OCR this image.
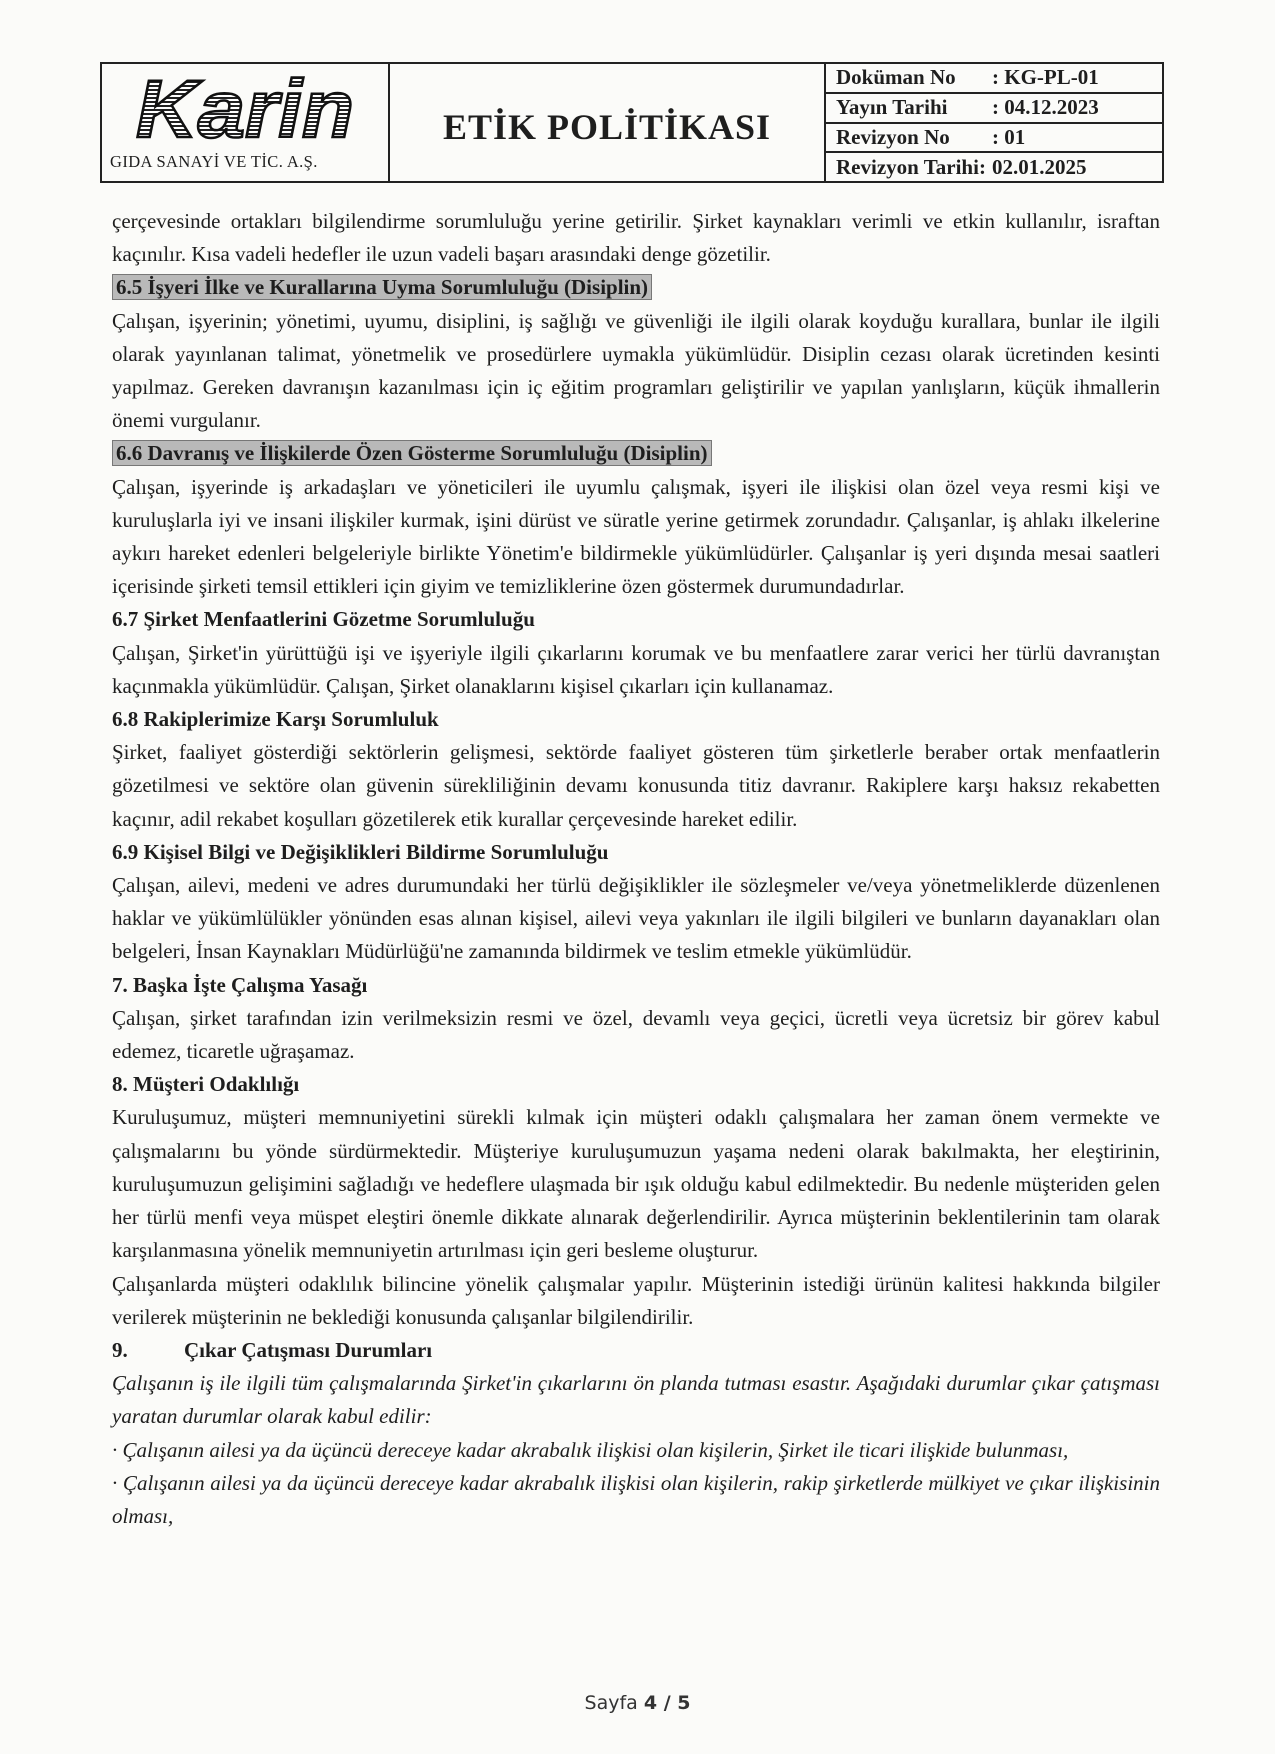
Karin
GIDA SANAYİ VE TİC. A.Ş.
ETİK POLİTİKASI
Doküman No	: KG-PL-01
Yayın Tarihi	: 04.12.2023
Revizyon No	: 01
Revizyon Tarihi: 02.01.2025

çerçevesinde ortakları bilgilendirme sorumluluğu yerine getirilir. Şirket kaynakları verimli ve etkin kullanılır, israftan kaçınılır. Kısa vadeli hedefler ile uzun vadeli başarı arasındaki denge gözetilir.

6.5 İşyeri İlke ve Kurallarına Uyma Sorumluluğu (Disiplin)

Çalışan, işyerinin; yönetimi, uyumu, disiplini, iş sağlığı ve güvenliği ile ilgili olarak koyduğu kurallara, bunlar ile ilgili olarak yayınlanan talimat, yönetmelik ve prosedürlere uymakla yükümlüdür. Disiplin cezası olarak ücretinden kesinti yapılmaz. Gereken davranışın kazanılması için iç eğitim programları geliştirilir ve yapılan yanlışların, küçük ihmallerin önemi vurgulanır.

6.6 Davranış ve İlişkilerde Özen Gösterme Sorumluluğu (Disiplin)

Çalışan, işyerinde iş arkadaşları ve yöneticileri ile uyumlu çalışmak, işyeri ile ilişkisi olan özel veya resmi kişi ve kuruluşlarla iyi ve insani ilişkiler kurmak, işini dürüst ve süratle yerine getirmek zorundadır. Çalışanlar, iş ahlakı ilkelerine aykırı hareket edenleri belgeleriyle birlikte Yönetim'e bildirmekle yükümlüdürler. Çalışanlar iş yeri dışında mesai saatleri içerisinde şirketi temsil ettikleri için giyim ve temizliklerine özen göstermek durumundadırlar.

6.7 Şirket Menfaatlerini Gözetme Sorumluluğu

Çalışan, Şirket'in yürüttüğü işi ve işyeriyle ilgili çıkarlarını korumak ve bu menfaatlere zarar verici her türlü davranıştan kaçınmakla yükümlüdür. Çalışan, Şirket olanaklarını kişisel çıkarları için kullanamaz.

6.8 Rakiplerimize Karşı Sorumluluk

Şirket, faaliyet gösterdiği sektörlerin gelişmesi, sektörde faaliyet gösteren tüm şirketlerle beraber ortak menfaatlerin gözetilmesi ve sektöre olan güvenin sürekliliğinin devamı konusunda titiz davranır. Rakiplere karşı haksız rekabetten kaçınır, adil rekabet koşulları gözetilerek etik kurallar çerçevesinde hareket edilir.

6.9 Kişisel Bilgi ve Değişiklikleri Bildirme Sorumluluğu

Çalışan, ailevi, medeni ve adres durumundaki her türlü değişiklikler ile sözleşmeler ve/veya yönetmeliklerde düzenlenen haklar ve yükümlülükler yönünden esas alınan kişisel, ailevi veya yakınları ile ilgili bilgileri ve bunların dayanakları olan belgeleri, İnsan Kaynakları Müdürlüğü'ne zamanında bildirmek ve teslim etmekle yükümlüdür.

7. Başka İşte Çalışma Yasağı

Çalışan, şirket tarafından izin verilmeksizin resmi ve özel, devamlı veya geçici, ücretli veya ücretsiz bir görev kabul edemez, ticaretle uğraşamaz.

8. Müşteri Odaklılığı

Kuruluşumuz, müşteri memnuniyetini sürekli kılmak için müşteri odaklı çalışmalara her zaman önem vermekte ve çalışmalarını bu yönde sürdürmektedir. Müşteriye kuruluşumuzun yaşama nedeni olarak bakılmakta, her eleştirinin, kuruluşumuzun gelişimini sağladığı ve hedeflere ulaşmada bir ışık olduğu kabul edilmektedir. Bu nedenle müşteriden gelen her türlü menfi veya müspet eleştiri önemle dikkate alınarak değerlendirilir. Ayrıca müşterinin beklentilerinin tam olarak karşılanmasına yönelik memnuniyetin artırılması için geri besleme oluşturur.

Çalışanlarda müşteri odaklılık bilincine yönelik çalışmalar yapılır. Müşterinin istediği ürünün kalitesi hakkında bilgiler verilerek müşterinin ne beklediği konusunda çalışanlar bilgilendirilir.

9.	Çıkar Çatışması Durumları

Çalışanın iş ile ilgili tüm çalışmalarında Şirket'in çıkarlarını ön planda tutması esastır. Aşağıdaki durumlar çıkar çatışması yaratan durumlar olarak kabul edilir:

· Çalışanın ailesi ya da üçüncü dereceye kadar akrabalık ilişkisi olan kişilerin, Şirket ile ticari ilişkide bulunması,

· Çalışanın ailesi ya da üçüncü dereceye kadar akrabalık ilişkisi olan kişilerin, rakip şirketlerde mülkiyet ve çıkar ilişkisinin olması,

Sayfa 4 / 5
